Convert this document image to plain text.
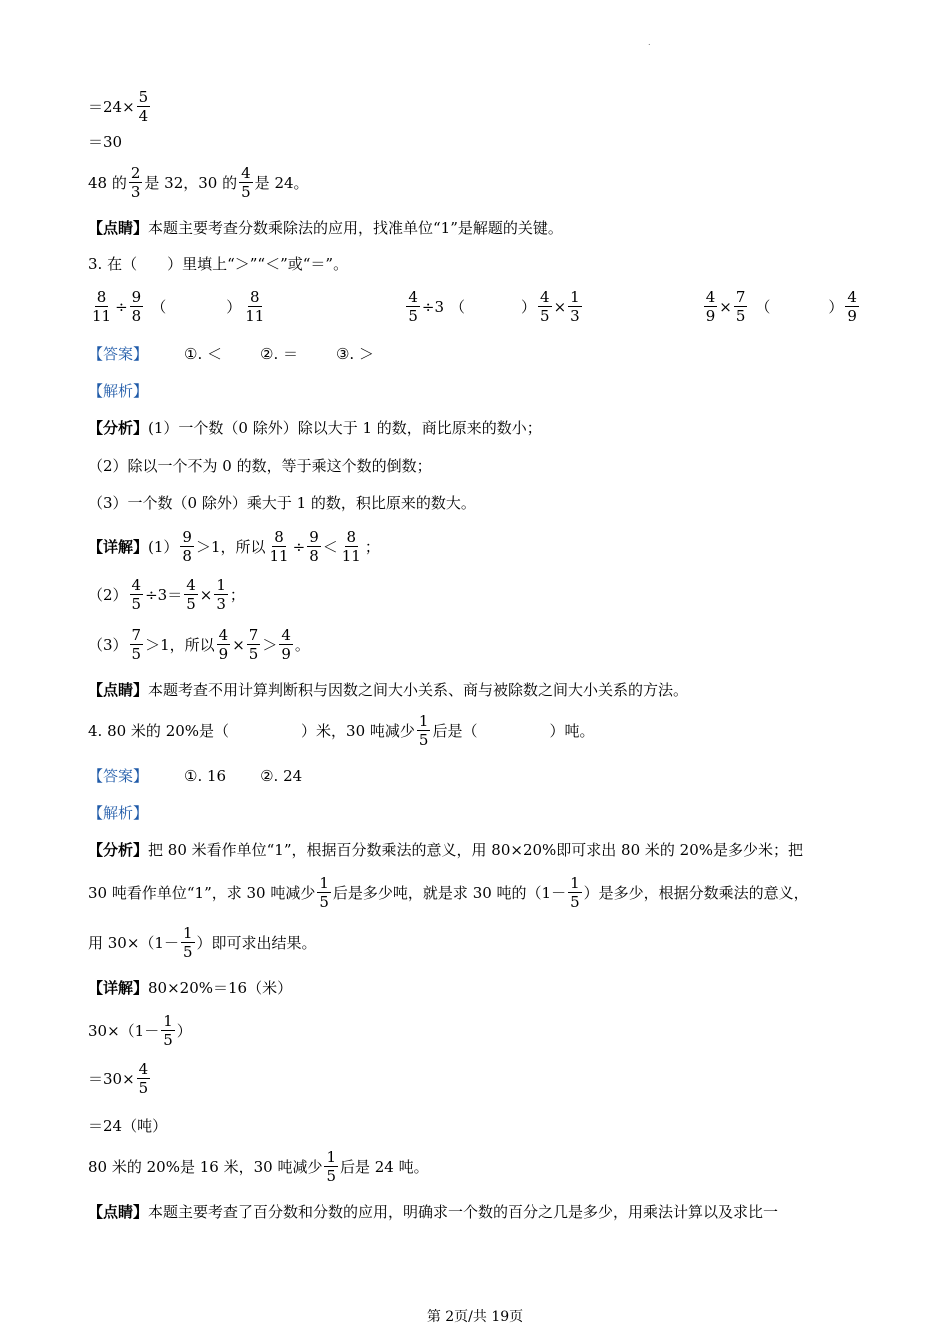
.
$=24\times \frac{5}{4}$
＝30
48 的 $\frac{2}{3}$ 是 32，30 的 $\frac{4}{5}$ 是 24。
【点睛】 本题主要考查分数乘除法的应用，找准单位“1”是解题的关键。
3. 在（　　）里填上“＞”“＜”或“＝”。
$\frac{8}{11} \div \frac{9}{8}$ （	） $\frac{8}{11}$	$\frac{4}{5} \div 3$ （	） $\frac{4}{5} \times \frac{1}{3}$	$\frac{4}{9} \times \frac{7}{5}$ （	） $\frac{4}{9}$
【答案】 ①. ＜	②. ＝	③. ＞
【解析】
【分析】 (1）一个数（0 除外）除以大于 1 的数，商比原来的数小；
（2）除以一个不为 0 的数，等于乘这个数的倒数；
（3）一个数（0 除外）乘大于 1 的数，积比原来的数大。
【详解】 $(1) \frac{9}{8} >1$，所以 $\frac{8}{11} \div \frac{9}{8} < \frac{8}{11}$ ；
$(2) \frac{4}{5} \div 3= \frac{4}{5} \times \frac{1}{3}$ ；
$(3) \frac{7}{5} >1$，所以 $\frac{4}{9} \times \frac{7}{5} > \frac{4}{9}$ 。
【点睛】 本题考查不用计算判断积与因数之间大小关系、商与被除数之间大小关系的方法。
4. 80 米的 20%是（	）米，30 吨减少 $\frac{1}{5}$ 后是（	）吨。
【答案】 ①. 16 ②. 24
【解析】
【分析】 把 80 米看作单位“1”，根据百分数乘法的意义，用 80×20%即可求出 80 米的 20%是多少米；把
30 吨看作单位“1”，求 30 吨减少 $\frac{1}{5}$ 后是多少吨，就是求 30 吨的（$1- \frac{1}{5}$ ）是多少，根据分数乘法的意义，
用 $30\times(1- \frac{1}{5}$ ）即可求出结果。
【详解】 80×20%＝16（米）
$30\times(1- \frac{1}{5}$ ）
$=30\times \frac{4}{5}$
＝24（吨）
80 米的 20%是 16 米，30 吨减少 $\frac{1}{5}$ 后是 24 吨。
【点睛】 本题主要考查了百分数和分数的应用，明确求一个数的百分之几是多少，用乘法计算以及求比一
第 2页/共 19页
